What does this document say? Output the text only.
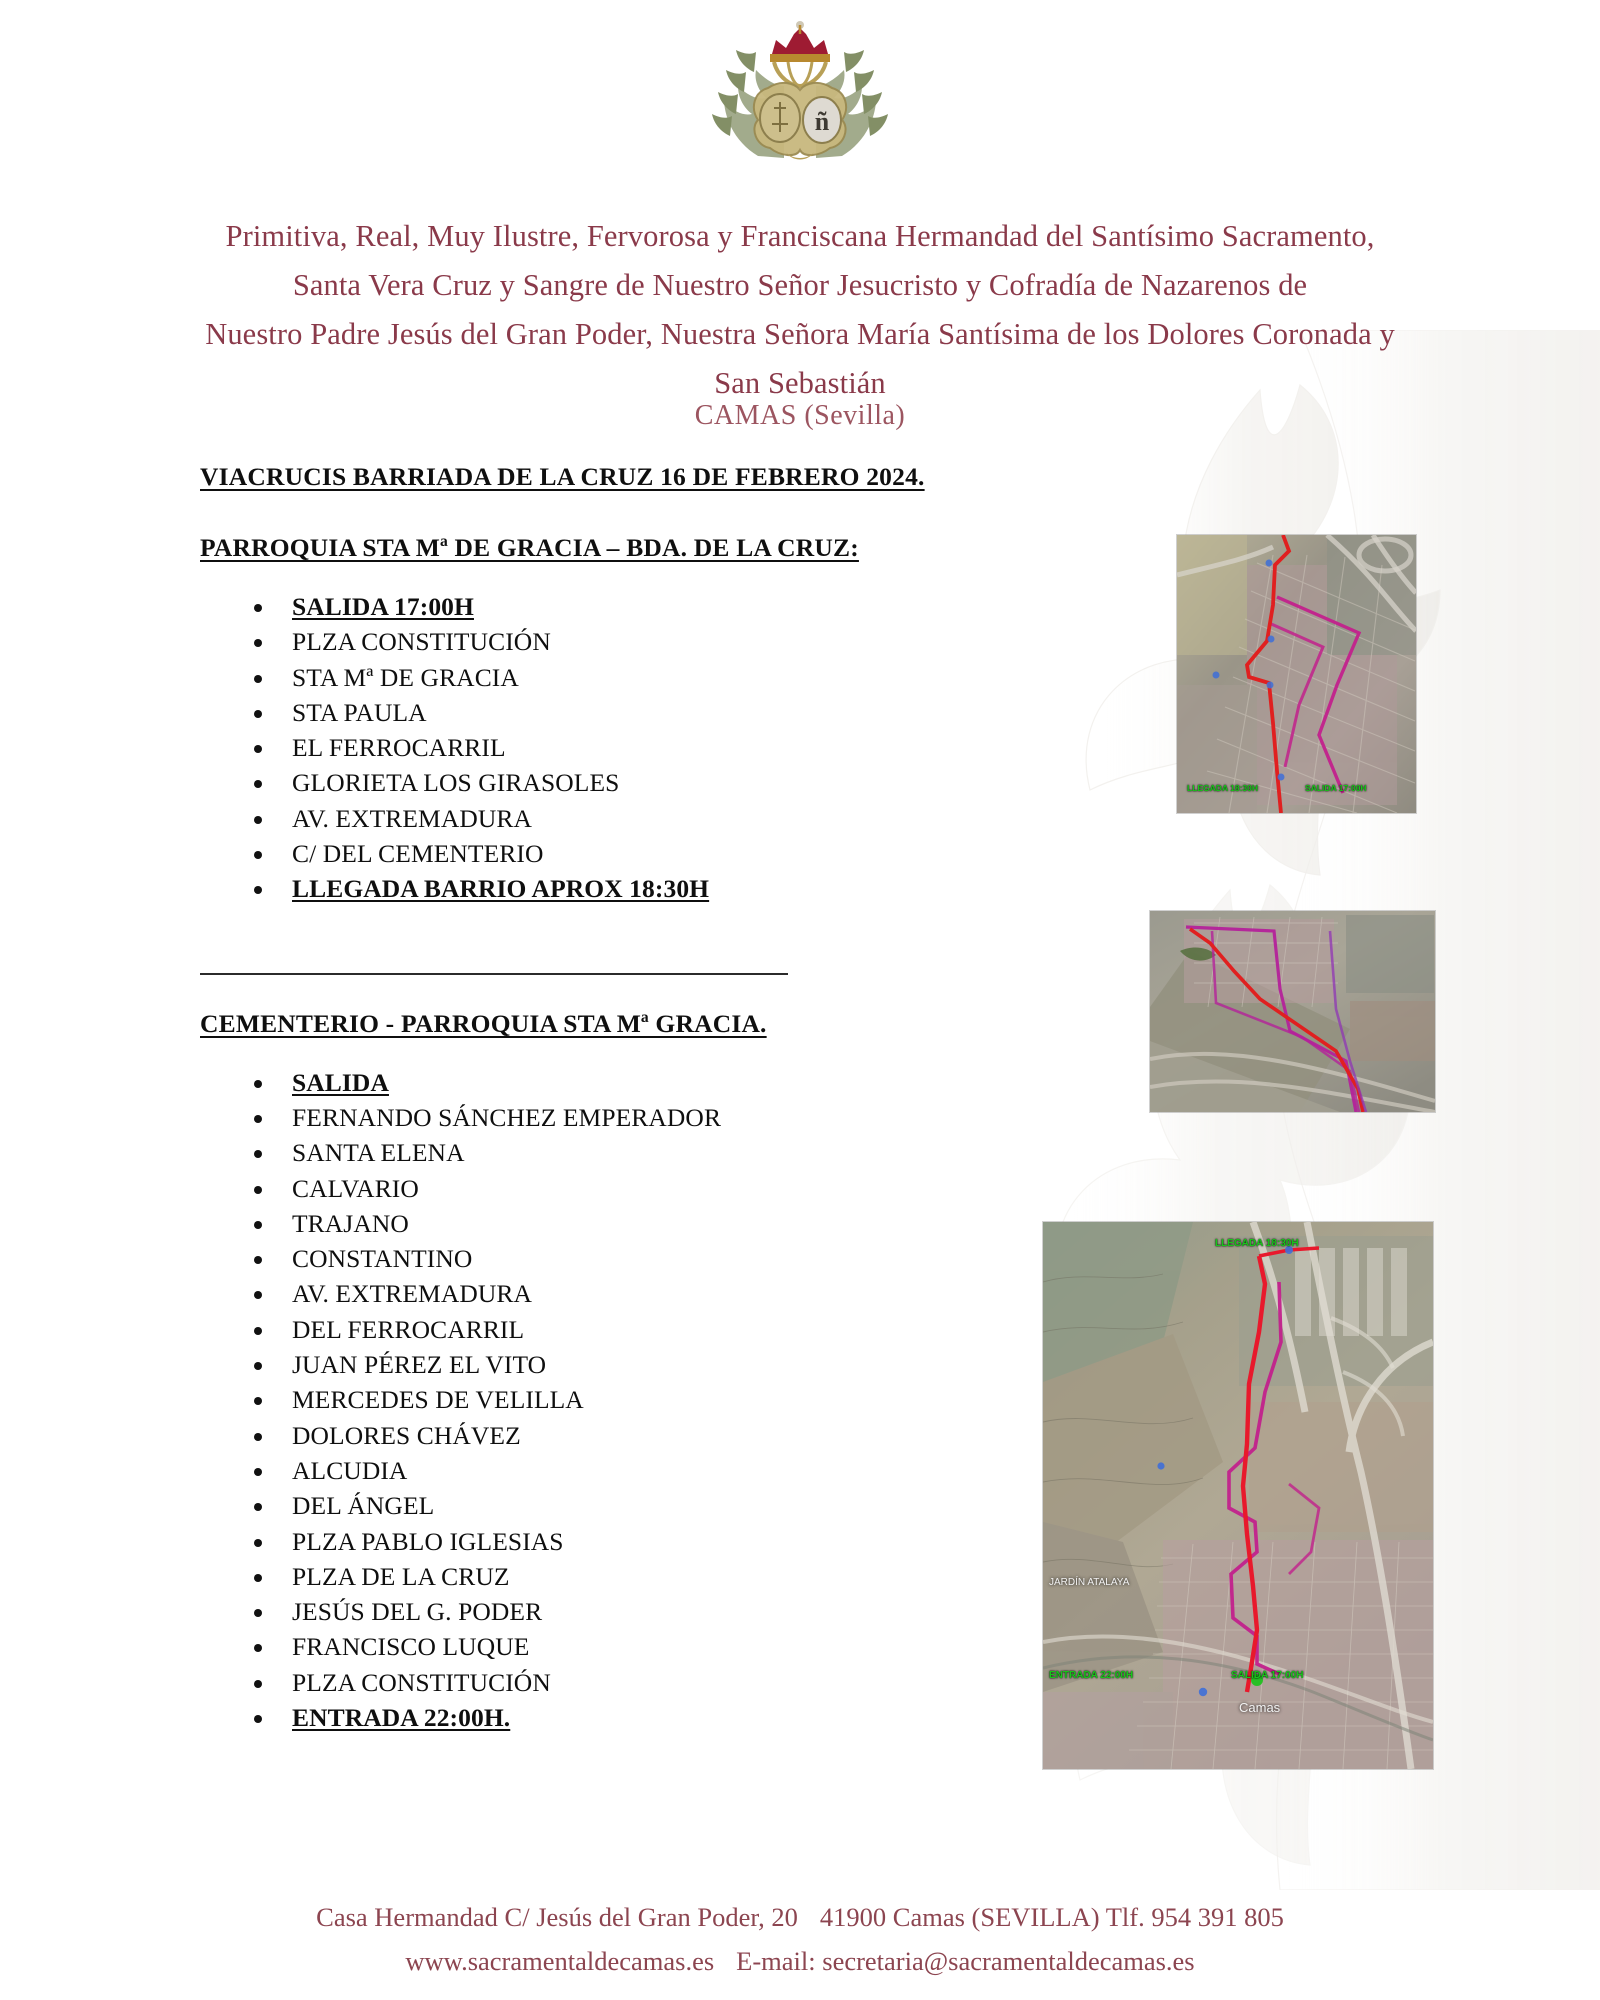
ñ
Primitiva, Real, Muy Ilustre, Fervorosa y Franciscana Hermandad del Santísimo Sacramento,
Santa Vera Cruz y Sangre de Nuestro Señor Jesucristo y Cofradía de Nazarenos de
Nuestro Padre Jesús del Gran Poder, Nuestra Señora María Santísima de los Dolores Coronada y
San Sebastián
CAMAS (Sevilla)
VIACRUCIS BARRIADA DE LA CRUZ 16 DE FEBRERO 2024.
PARROQUIA STA Mª DE GRACIA – BDA. DE LA CRUZ:
SALIDA 17:00H
PLZA CONSTITUCIÓN
STA Mª DE GRACIA
STA PAULA
EL FERROCARRIL
GLORIETA LOS GIRASOLES
AV. EXTREMADURA
C/ DEL CEMENTERIO
LLEGADA BARRIO APROX 18:30H
CEMENTERIO - PARROQUIA STA Mª GRACIA.
SALIDA
FERNANDO SÁNCHEZ EMPERADOR
SANTA ELENA
CALVARIO
TRAJANO
CONSTANTINO
AV. EXTREMADURA
DEL FERROCARRIL
JUAN PÉREZ EL VITO
MERCEDES DE VELILLA
DOLORES CHÁVEZ
ALCUDIA
DEL ÁNGEL
PLZA PABLO IGLESIAS
PLZA DE LA CRUZ
JESÚS DEL G. PODER
FRANCISCO LUQUE
PLZA CONSTITUCIÓN
ENTRADA 22:00H.
LLEGADA 18:30H	SALIDA 17:00H
LLEGADA 18:30H
ENTRADA 22:00H	SALIDA 17:00H
JARDÍN ATALAYA
Camas
Casa Hermandad C/ Jesús del Gran Poder, 20 41900 Camas (SEVILLA) Tlf. 954 391 805
www.sacramentaldecamas.es E-mail: secretaria@sacramentaldecamas.es
